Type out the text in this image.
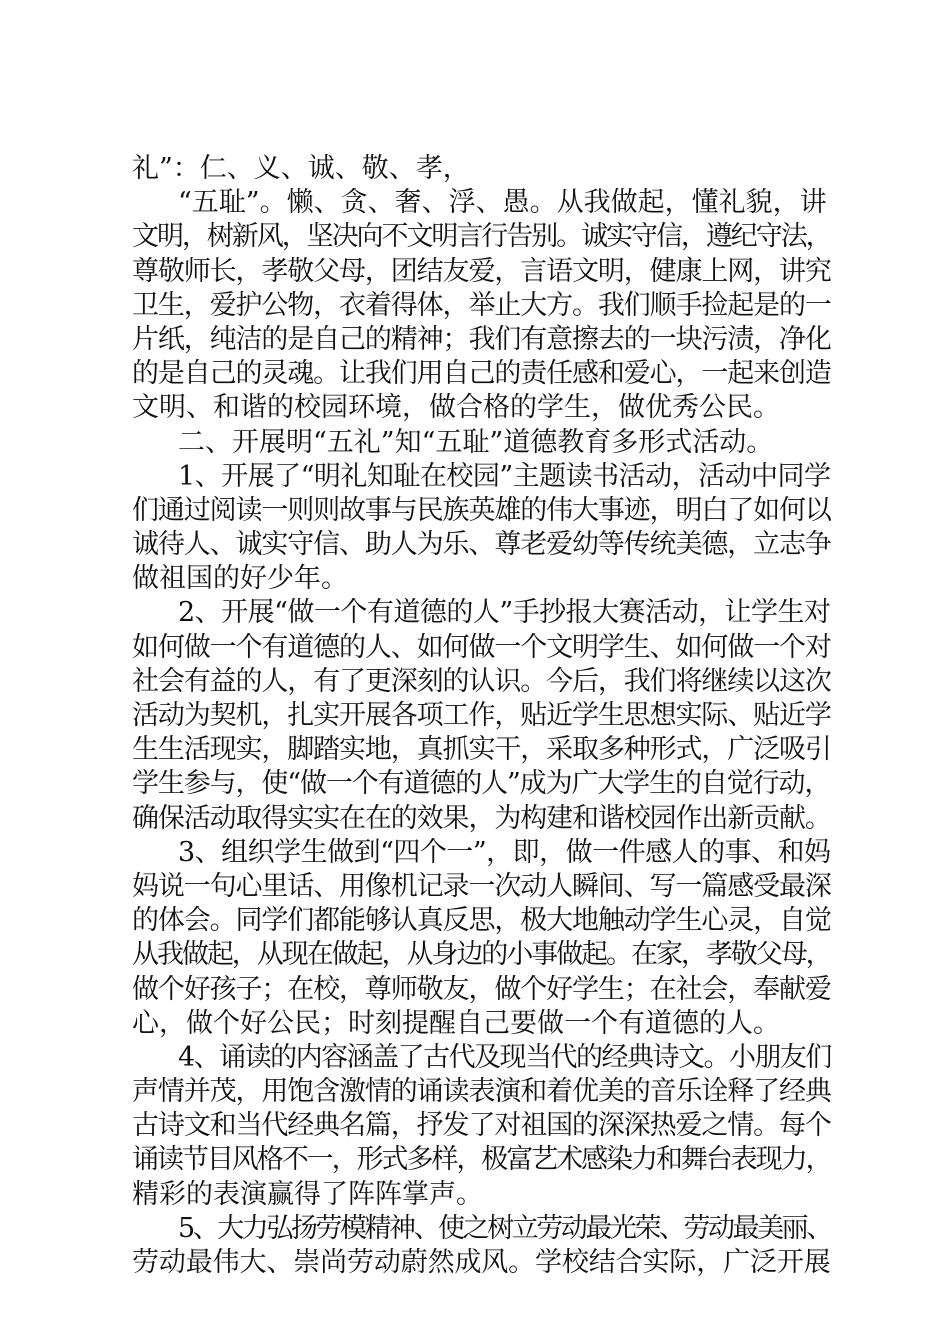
礼”：仁、义、诚、敬、孝，
“五耻”。懒、贪、奢、浮、愚。从我做起，懂礼貌，讲
文明，树新风，坚决向不文明言行告别。诚实守信，遵纪守法，
尊敬师长，孝敬父母，团结友爱，言语文明，健康上网，讲究
卫生，爱护公物，衣着得体，举止大方。我们顺手捡起是的一
片纸，纯洁的是自己的精神；我们有意擦去的一块污渍，净化
的是自己的灵魂。让我们用自己的责任感和爱心，一起来创造
文明、和谐的校园环境，做合格的学生，做优秀公民。
二、开展明“五礼”知“五耻”道德教育多形式活动。
1、开展了“明礼知耻在校园”主题读书活动，活动中同学
们通过阅读一则则故事与民族英雄的伟大事迹，明白了如何以
诚待人、诚实守信、助人为乐、尊老爱幼等传统美德，立志争
做祖国的好少年。
2、开展“做一个有道德的人”手抄报大赛活动，让学生对
如何做一个有道德的人、如何做一个文明学生、如何做一个对
社会有益的人，有了更深刻的认识。今后，我们将继续以这次
活动为契机，扎实开展各项工作，贴近学生思想实际、贴近学
生生活现实，脚踏实地，真抓实干，采取多种形式，广泛吸引
学生参与，使“做一个有道德的人”成为广大学生的自觉行动，
确保活动取得实实在在的效果，为构建和谐校园作出新贡献。
3、组织学生做到“四个一”，即，做一件感人的事、和妈
妈说一句心里话、用像机记录一次动人瞬间、写一篇感受最深
的体会。同学们都能够认真反思，极大地触动学生心灵，自觉
从我做起，从现在做起，从身边的小事做起。在家，孝敬父母，
做个好孩子；在校，尊师敬友，做个好学生；在社会，奉献爱
心，做个好公民；时刻提醒自己要做一个有道德的人。
4、诵读的内容涵盖了古代及现当代的经典诗文。小朋友们
声情并茂，用饱含激情的诵读表演和着优美的音乐诠释了经典
古诗文和当代经典名篇，抒发了对祖国的深深热爱之情。每个
诵读节目风格不一，形式多样，极富艺术感染力和舞台表现力，
精彩的表演赢得了阵阵掌声。
5、大力弘扬劳模精神、使之树立劳动最光荣、劳动最美丽、
劳动最伟大、崇尚劳动蔚然成风。学校结合实际，广泛开展
